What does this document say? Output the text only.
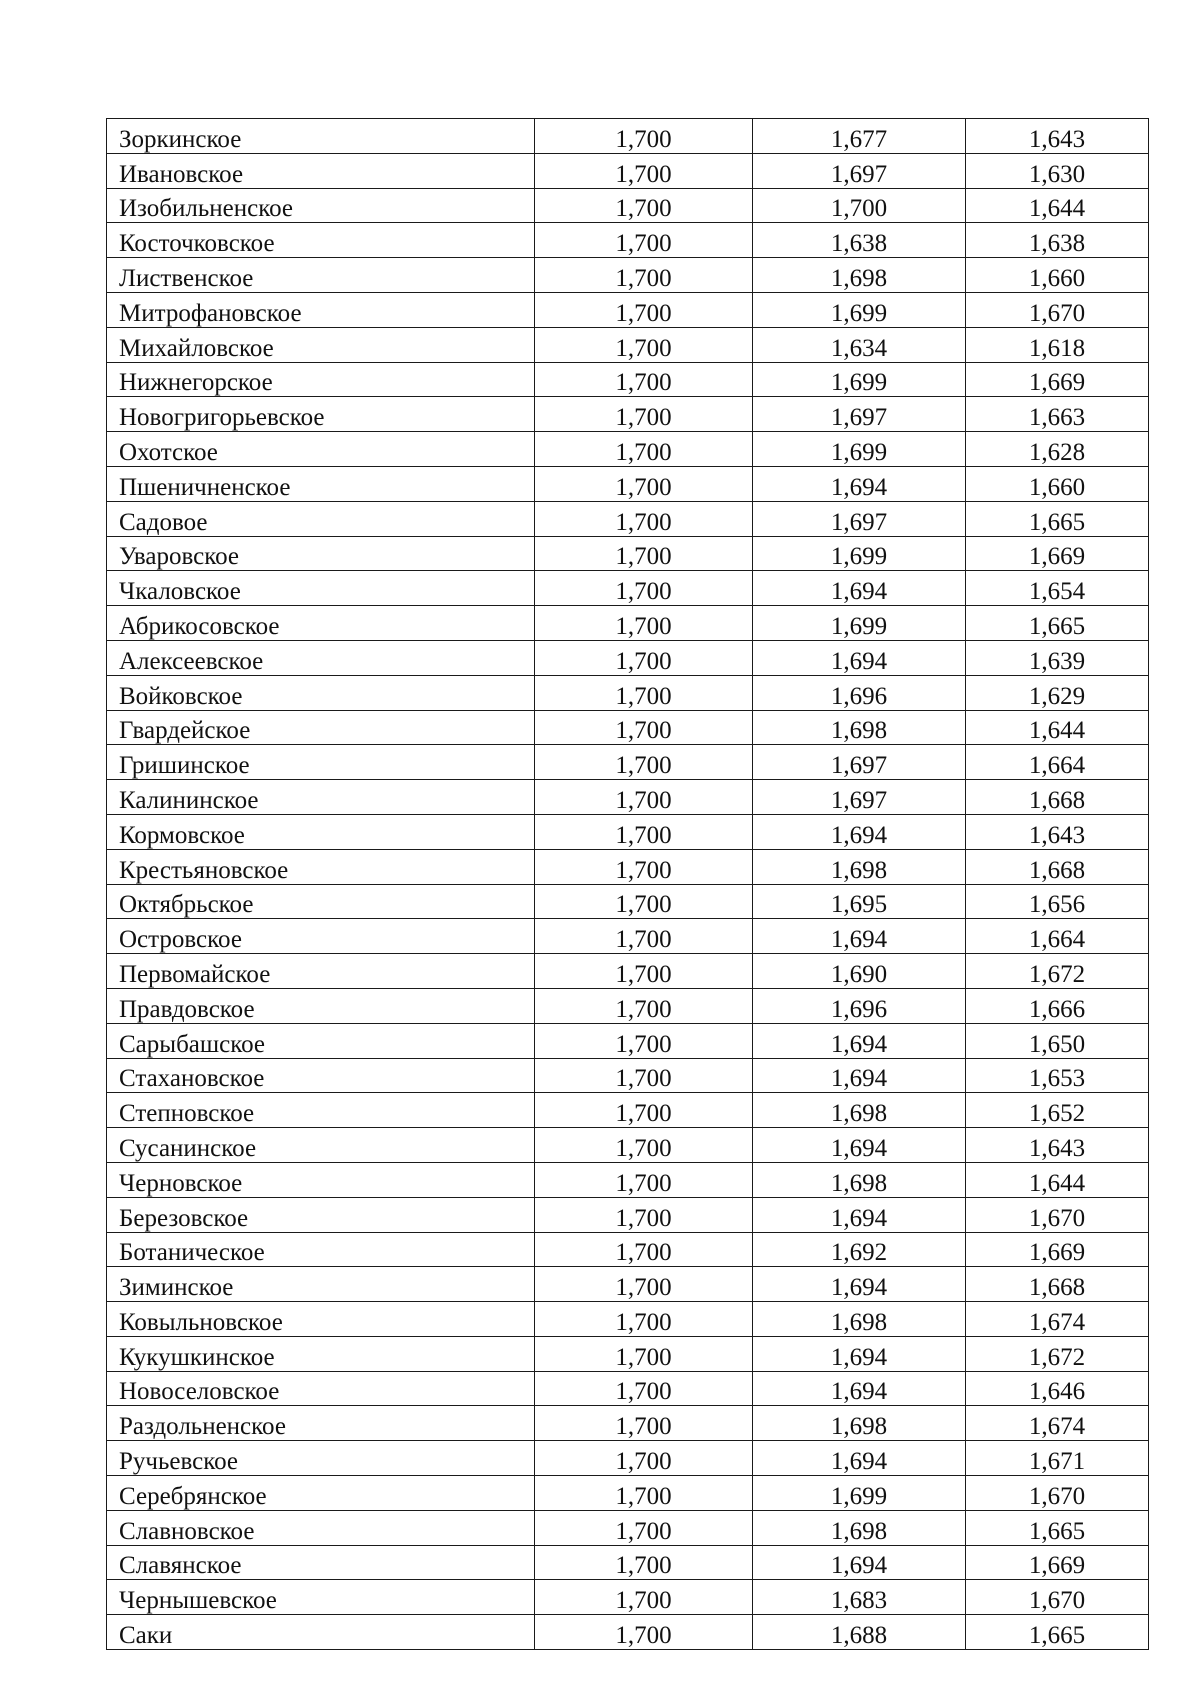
Зоркинское	1,700	1,677	1,643
Ивановское	1,700	1,697	1,630
Изобильненское	1,700	1,700	1,644
Косточковское	1,700	1,638	1,638
Лиственское	1,700	1,698	1,660
Митрофановское	1,700	1,699	1,670
Михайловское	1,700	1,634	1,618
Нижнегорское	1,700	1,699	1,669
Новогригорьевское	1,700	1,697	1,663
Охотское	1,700	1,699	1,628
Пшеничненское	1,700	1,694	1,660
Садовое	1,700	1,697	1,665
Уваровское	1,700	1,699	1,669
Чкаловское	1,700	1,694	1,654
Абрикосовское	1,700	1,699	1,665
Алексеевское	1,700	1,694	1,639
Войковское	1,700	1,696	1,629
Гвардейское	1,700	1,698	1,644
Гришинское	1,700	1,697	1,664
Калининское	1,700	1,697	1,668
Кормовское	1,700	1,694	1,643
Крестьяновское	1,700	1,698	1,668
Октябрьское	1,700	1,695	1,656
Островское	1,700	1,694	1,664
Первомайское	1,700	1,690	1,672
Правдовское	1,700	1,696	1,666
Сарыбашское	1,700	1,694	1,650
Стахановское	1,700	1,694	1,653
Степновское	1,700	1,698	1,652
Сусанинское	1,700	1,694	1,643
Черновское	1,700	1,698	1,644
Березовское	1,700	1,694	1,670
Ботаническое	1,700	1,692	1,669
Зиминское	1,700	1,694	1,668
Ковыльновское	1,700	1,698	1,674
Кукушкинское	1,700	1,694	1,672
Новоселовское	1,700	1,694	1,646
Раздольненское	1,700	1,698	1,674
Ручьевское	1,700	1,694	1,671
Серебрянское	1,700	1,699	1,670
Славновское	1,700	1,698	1,665
Славянское	1,700	1,694	1,669
Чернышевское	1,700	1,683	1,670
Саки	1,700	1,688	1,665
